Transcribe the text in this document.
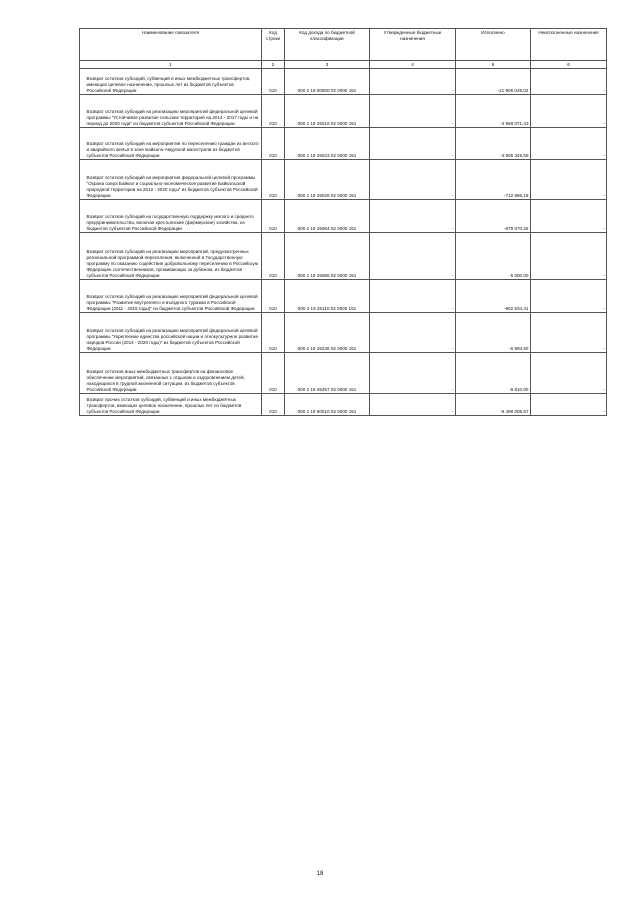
Наименование показателя	Код строки	Код дохода по бюджетной классификации	Утвержденные бюджетные назначения	Исполнено	Неисполненные назначения
1	2	3	4	5	6

Возврат остатков субсидий, субвенций и иных межбюджетных трансфертов, имеющих целевое назначение, прошлых лет из бюджетов субъектов Российской Федерации	010	000 2 19 00000 02 0000 151	-	-21 905 028,02	-

Возврат остатков субсидий на реализацию мероприятий федеральной целевой программы "Устойчивое развитие сельских территорий на 2014 - 2017 годы и на период до 2020 года" из бюджетов субъектов Российской Федерации	010	000 2 19 25018 02 0000 151	-	-4 988 071,43	-

Возврат остатков субсидий на мероприятия по переселению граждан из ветхого и аварийного жилья в зоне Байкало-Амурской магистрали из бюджетов субъектов Российской Федерации	010	000 2 19 25023 02 0000 151	-	-4 905 349,58	-

Возврат остатков субсидий на мероприятия федеральной целевой программы "Охрана озера Байкал и социально-экономическое развитие Байкальской природной территории на 2012 - 2020 годы" из бюджетов субъектов Российской Федерации	010	000 2 19 25029 02 0000 151	-	-712 886,18	-

Возврат остатков субсидий на государственную поддержку малого и среднего предпринимательства, включая крестьянские (фермерские) хозяйства, из бюджетов субъектов Российской Федерации	010	000 2 19 25064 02 0000 151	-	-879 070,25	-

Возврат остатков субсидий на реализацию мероприятий, предусмотренных региональной программой переселения, включенной в Государственную программу по оказанию содействия добровольному переселению в Российскую Федерацию соотечественников, проживающих за рубежом, из бюджетов субъектов Российской Федерации	010	000 2 19 25086 02 0000 151	-	-5 000,00	-

Возврат остатков субсидий на реализацию мероприятий федеральной целевой программы "Развитие внутреннего и въездного туризма в Российской Федерации (2011 - 2018 годы)" из бюджетов субъектов Российской Федерации	010	000 2 19 25110 02 0000 151	-	-902 634,41	-

Возврат остатков субсидий на реализацию мероприятий федеральной целевой программы "Укрепление единства российской нации и этнокультурное развитие народов России (2014 - 2020 годы)" из бюджетов субъектов Российской Федерации	010	000 2 19 25236 02 0000 151	-	-6 894,50	-

Возврат остатков иных межбюджетных трансфертов на финансовое обеспечение мероприятий, связанных с отдыхом и оздоровлением детей, находящихся в трудной жизненной ситуации, из бюджетов субъектов Российской Федерации	010	000 2 19 45457 02 0000 151	-	-6 810,00	-

Возврат прочих остатков субсидий, субвенций и иных межбюджетных трансфертов, имеющих целевое назначение, прошлых лет из бюджетов субъектов Российской Федерации	010	000 2 19 60010 02 0000 151	-	-9 498 005,67	-
18
